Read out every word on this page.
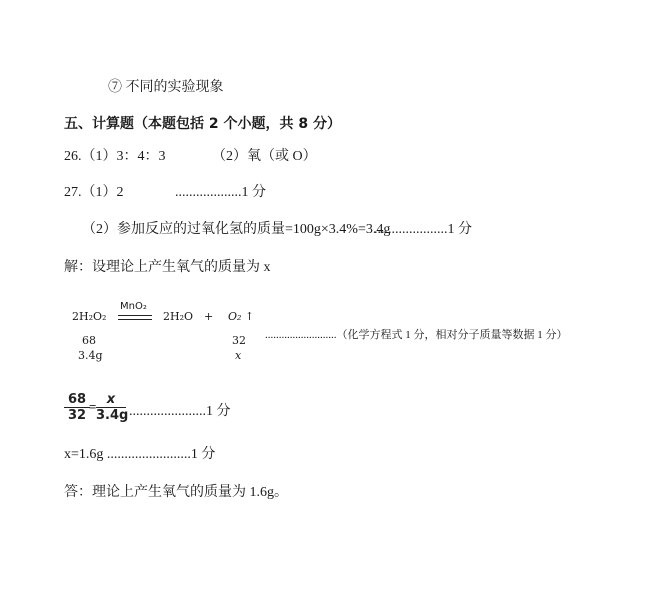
⑦ 不同的实验现象
五、计算题（本题包括 2 个小题，共 8 分）
26.（1）3：4：3	（2）氧（或 O）
27.（1）2	...................1 分
（2）参加反应的过氧化氢的质量=100g×3.4%=3.4g
.....................1 分
解：设理论上产生氧气的质量为 x
2H₂O₂
MnO₂
2H₂O + O₂ ↑
68
3.4g
32
x
..........................（化学方程式 1 分，相对分子质量等数据 1 分）
$\frac{68}{32} = \frac{x}{3.4g} ......................1$ 分
x=1.6g ........................1 分
答：理论上产生氧气的质量为 1.6g。
